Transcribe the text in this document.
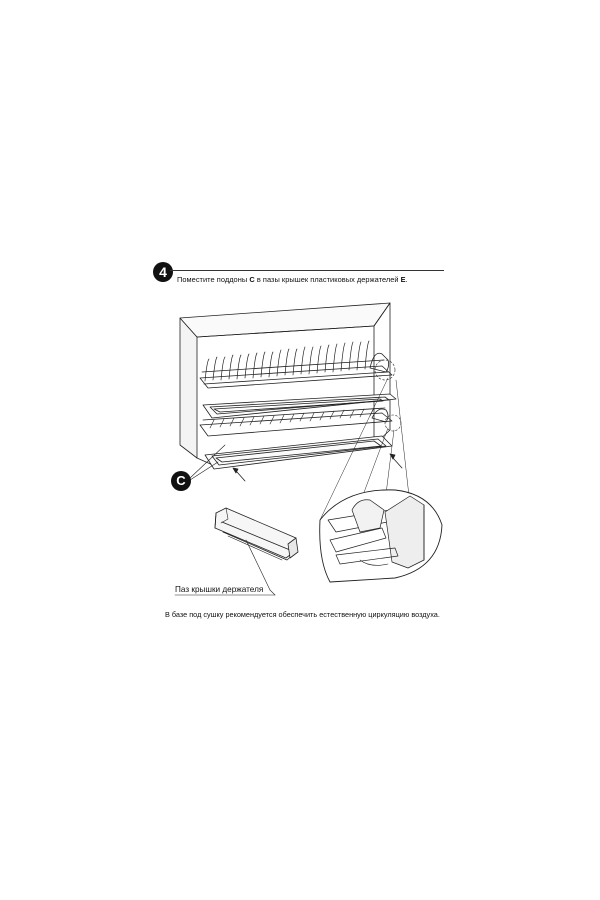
4	Поместите поддоны C в пазы крышек пластиковых держателей E.
C
Паз крышки держателя
В базе под сушку рекомендуется обеспечить естественную циркуляцию воздуха.
